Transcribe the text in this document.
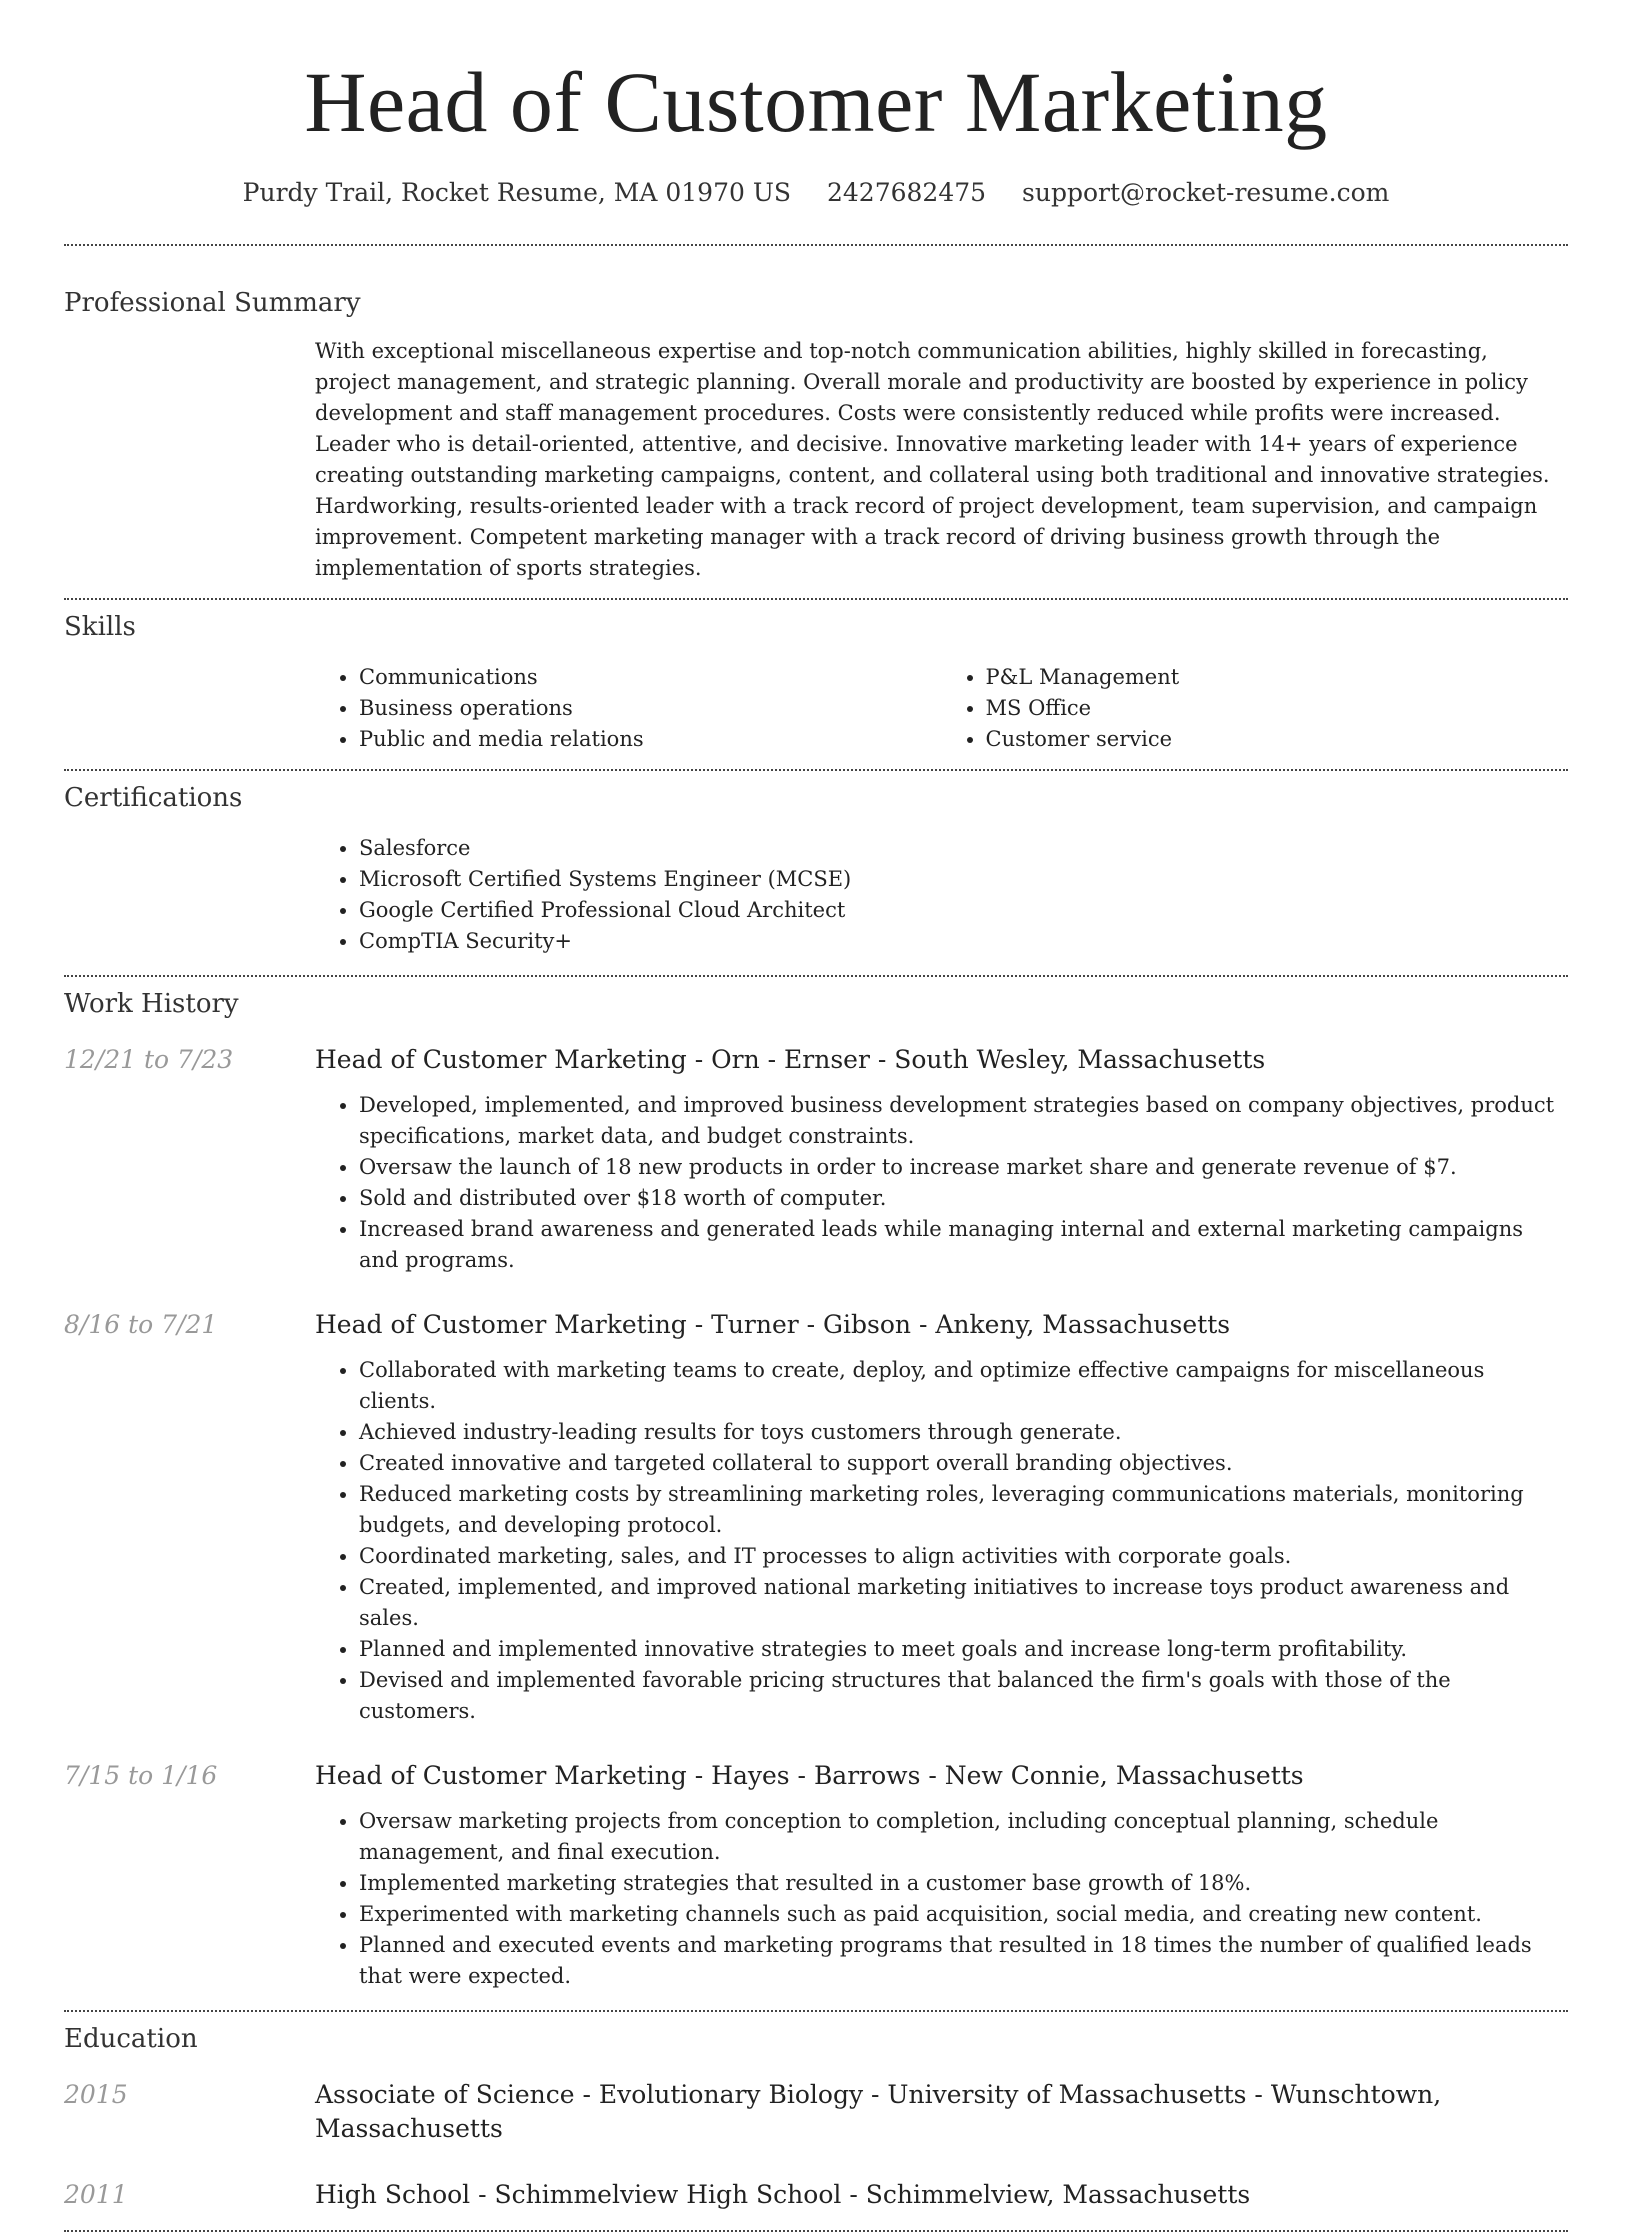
Head of Customer Marketing
Purdy Trail, Rocket Resume, MA 01970 US 2427682475 support@rocket-resume.com
Professional Summary

With exceptional miscellaneous expertise and top-notch communication abilities, highly skilled in forecasting, project management, and strategic planning. Overall morale and productivity are boosted by experience in policy development and staff management procedures. Costs were consistently reduced while profits were increased. Leader who is detail-oriented, attentive, and decisive. Innovative marketing leader with 14+ years of experience creating outstanding marketing campaigns, content, and collateral using both traditional and innovative strategies. Hardworking, results-oriented leader with a track record of project development, team supervision, and campaign improvement. Competent marketing manager with a track record of driving business growth through the implementation of sports strategies.

Skills
• Communications
• Business operations
• Public and media relations
• P&L Management
• MS Office
• Customer service
Certifications
• Salesforce
• Microsoft Certified Systems Engineer (MCSE)
• Google Certified Professional Cloud Architect
• CompTIA Security+
Work History
12/21 to 7/23	Head of Customer Marketing - Orn - Ernser - South Wesley, Massachusetts
• Developed, implemented, and improved business development strategies based on company objectives, product specifications, market data, and budget constraints.
• Oversaw the launch of 18 new products in order to increase market share and generate revenue of $7.
• Sold and distributed over $18 worth of computer.
• Increased brand awareness and generated leads while managing internal and external marketing campaigns and programs.
8/16 to 7/21	Head of Customer Marketing - Turner - Gibson - Ankeny, Massachusetts
• Collaborated with marketing teams to create, deploy, and optimize effective campaigns for miscellaneous clients.
• Achieved industry-leading results for toys customers through generate.
• Created innovative and targeted collateral to support overall branding objectives.
• Reduced marketing costs by streamlining marketing roles, leveraging communications materials, monitoring budgets, and developing protocol.
• Coordinated marketing, sales, and IT processes to align activities with corporate goals.
• Created, implemented, and improved national marketing initiatives to increase toys product awareness and sales.
• Planned and implemented innovative strategies to meet goals and increase long-term profitability.
• Devised and implemented favorable pricing structures that balanced the firm's goals with those of the customers.
7/15 to 1/16	Head of Customer Marketing - Hayes - Barrows - New Connie, Massachusetts
• Oversaw marketing projects from conception to completion, including conceptual planning, schedule management, and final execution.
• Implemented marketing strategies that resulted in a customer base growth of 18%.
• Experimented with marketing channels such as paid acquisition, social media, and creating new content.
• Planned and executed events and marketing programs that resulted in 18 times the number of qualified leads that were expected.
Education
2015	Associate of Science - Evolutionary Biology - University of Massachusetts - Wunschtown, Massachusetts
2011	High School - Schimmelview High School - Schimmelview, Massachusetts
